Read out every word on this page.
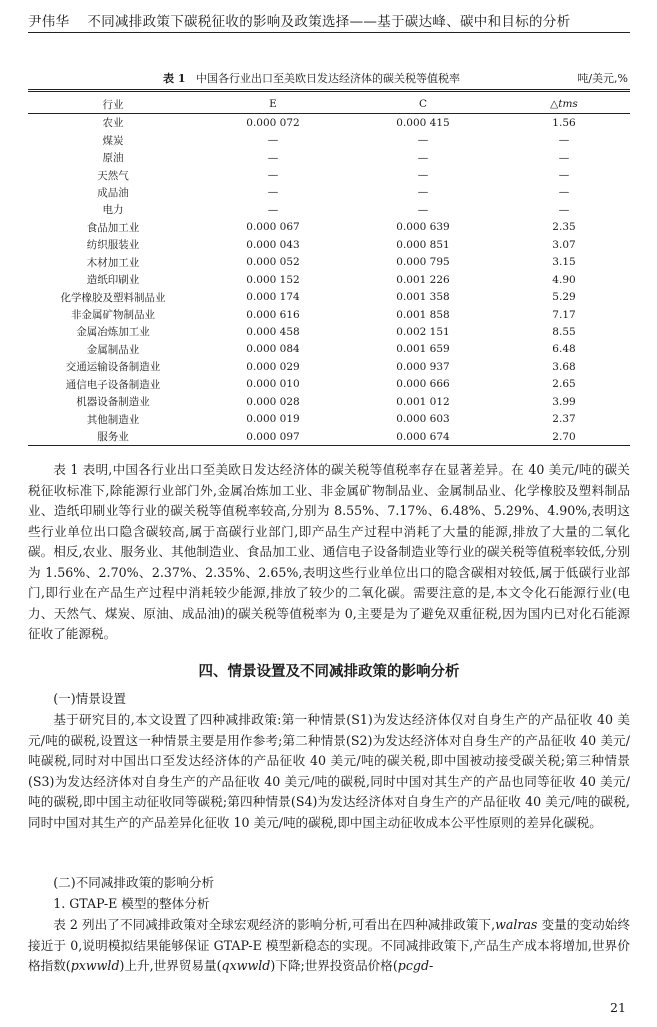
尹伟华 不同减排政策下碳税征收的影响及政策选择——基于碳达峰、碳中和目标的分析
表 1 中国各行业出口至美欧日发达经济体的碳关税等值税率	吨/美元,%
行业	E	C	△tms
农业	0.000 072	0.000 415	1.56
煤炭	—	—	—
原油	—	—	—
天然气	—	—	—
成品油	—	—	—
电力	—	—	—
食品加工业	0.000 067	0.000 639	2.35
纺织服装业	0.000 043	0.000 851	3.07
木材加工业	0.000 052	0.000 795	3.15
造纸印刷业	0.000 152	0.001 226	4.90
化学橡胶及塑料制品业	0.000 174	0.001 358	5.29
非金属矿物制品业	0.000 616	0.001 858	7.17
金属冶炼加工业	0.000 458	0.002 151	8.55
金属制品业	0.000 084	0.001 659	6.48
交通运输设备制造业	0.000 029	0.000 937	3.68
通信电子设备制造业	0.000 010	0.000 666	2.65
机器设备制造业	0.000 028	0.001 012	3.99
其他制造业	0.000 019	0.000 603	2.37
服务业	0.000 097	0.000 674	2.70

表 1 表明,中国各行业出口至美欧日发达经济体的碳关税等值税率存在显著差异。在 40 美元/吨的碳关税征收标准下,除能源行业部门外,金属冶炼加工业、非金属矿物制品业、金属制品业、化学橡胶及塑料制品业、造纸印刷业等行业的碳关税等值税率较高,分别为 8.55%、7.17%、6.48%、5.29%、4.90%,表明这些行业单位出口隐含碳较高,属于高碳行业部门,即产品生产过程中消耗了大量的能源,排放了大量的二氧化碳。相反,农业、服务业、其他制造业、食品加工业、通信电子设备制造业等行业的碳关税等值税率较低,分别为 1.56%、2.70%、2.37%、2.35%、2.65%,表明这些行业单位出口的隐含碳相对较低,属于低碳行业部门,即行业在产品生产过程中消耗较少能源,排放了较少的二氧化碳。需要注意的是,本文令化石能源行业(电力、天然气、煤炭、原油、成品油)的碳关税等值税率为 0,主要是为了避免双重征税,因为国内已对化石能源征收了能源税。

四、情景设置及不同减排政策的影响分析
(一)情景设置

基于研究目的,本文设置了四种减排政策:第一种情景(S1)为发达经济体仅对自身生产的产品征收 40 美元/吨的碳税,设置这一种情景主要是用作参考;第二种情景(S2)为发达经济体对自身生产的产品征收 40 美元/吨碳税,同时对中国出口至发达经济体的产品征收 40 美元/吨的碳关税,即中国被动接受碳关税;第三种情景(S3)为发达经济体对自身生产的产品征收 40 美元/吨的碳税,同时中国对其生产的产品也同等征收 40 美元/吨的碳税,即中国主动征收同等碳税;第四种情景(S4)为发达经济体对自身生产的产品征收 40 美元/吨的碳税,同时中国对其生产的产品差异化征收 10 美元/吨的碳税,即中国主动征收成本公平性原则的差异化碳税。

(二)不同减排政策的影响分析
1. GTAP-E 模型的整体分析

表 2 列出了不同减排政策对全球宏观经济的影响分析,可看出在四种减排政策下,walras 变量的变动始终接近于 0,说明模拟结果能够保证 GTAP-E 模型新稳态的实现。不同减排政策下,产品生产成本将增加,世界价格指数(pxwwld)上升,世界贸易量(qxwwld)下降;世界投资品价格(pcgd-

21
